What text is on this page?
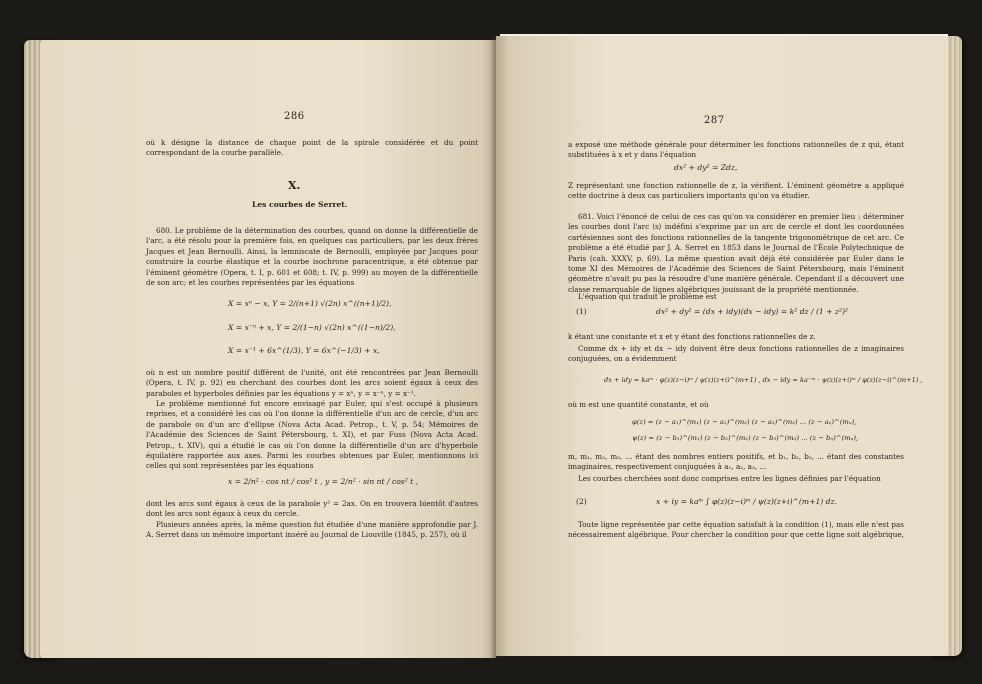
286

où k désigne la distance de chaque point de la spirale considérée et du point correspondant de la courbe parallèle.

X.
Les courbes de Serret.

680. Le problème de la détermination des courbes, quand on donne la différentielle de l'arc, a été résolu pour la première fois, en quelques cas particuliers, par les deux frères Jacques et Jean Bernoulli. Ainsi, la lemniscate de Bernoulli, employée par Jacques pour construire la courbe élastique et la courbe isochrone paracentrique, a été obtenue par l'éminent géomètre (Opera, t. I, p. 601 et 608; t. IV, p. 999) au moyen de la différentielle de son arc; et les courbes représentées par les équations

X = xⁿ − x, Y = 2/(n+1) √(2n) x^((n+1)/2),
X = x⁻ⁿ + x, Y = 2/(1−n) √(2n) x^((1−n)/2),
X = x⁻¹ + 6x^(1/3), Y = 6x^(−1/3) + x,

où n est un nombre positif différent de l'unité, ont été rencontrées par Jean Bernoulli (Opera, t. IV, p. 92) en cherchant des courbes dont les arcs soient égaux à ceux des paraboles et hyperboles définies par les équations y = xⁿ, y = x⁻ⁿ, y = x⁻¹.

Le problème mentionné fut encore envisagé par Euler, qui s'est occupé à plusieurs reprises, et a considéré les cas où l'on donne la différentielle d'un arc de cercle, d'un arc de parabole ou d'un arc d'ellipse (Nova Acta Acad. Petrop., t. V, p. 54; Mémoires de l'Académie des Sciences de Saint Pétersbourg, t. XI), et par Fuss (Nova Acta Acad. Petrop., t. XIV), qui a étudié le cas où l'on donne la différentielle d'un arc d'hyperbole équilatère rapportée aux axes. Parmi les courbes obtenues par Euler, mentionnons ici celles qui sont représentées par les équations

x = 2/n² · cos nt / cos² t , y = 2/n² · sin nt / cos² t ,

dont les arcs sont égaux à ceux de la parabole y² = 2ax. On en trouvera bientôt d'autres dont les arcs sont égaux à ceux du cercle.

Plusieurs années après, la même question fut étudiée d'une manière approfondie par J. A. Serret dans un mémoire important inséré au Journal de Liouville (1845, p. 257), où il

287

a exposé une méthode générale pour déterminer les fonctions rationnelles de z qui, étant substituées à x et y dans l'équation

dx² + dy² = Zdz,

Z représentant une fonction rationnelle de z, la vérifient. L'éminent géomètre a appliqué cette doctrine à deux cas particuliers importants qu'on va étudier.

681. Voici l'énoncé de celui de ces cas qu'on va considérer en premier lieu : déterminer les courbes dont l'arc ⟨s⟩ indéfini s'exprime par un arc de cercle et dont les coordonnées cartésiennes sont des fonctions rationnelles de la tangente trigonométrique de cet arc. Ce problème a été étudié par J. A. Serret en 1853 dans le Journal de l'École Polytechnique de Paris (cah. XXXV, p. 69). La même question avait déjà été considérée par Euler dans le tome XI des Mémoires de l'Académie des Sciences de Saint Pétersbourg, mais l'éminent géomètre n'avait pu pas la résoudre d'une manière générale. Cependant il a découvert une classe remarquable de lignes algébriques jouissant de la propriété mentionnée.

L'équation qui traduit le problème est

(1)	dx² + dy² = (dx + idy)(dx − idy) = k² dz / (1 + z²)²

k étant une constante et x et y étant des fonctions rationnelles de z.

Comme dx + idy et dx − idy doivent être deux fonctions rationnelles de z imaginaires conjuguées, on a évidemment

dx + idy = kaᵐ · φ(z)(z−i)ᵐ / ψ(z)(z+i)^(m+1) , dx − idy = ka⁻ᵐ · ψ(z)(z+i)ᵐ / φ(z)(z−i)^(m+1) ,

où m est une quantité constante, et où

φ(z) = (z − a₁)^(m₁) (z − a₂)^(m₂) (z − a₃)^(m₃) ... (z − aₙ)^(mₙ),
ψ(z) = (z − b₁)^(m₁) (z − b₂)^(m₂) (z − b₃)^(m₃) ... (z − bₙ)^(mₙ),

m, m₁, m₂, m₃, ... étant des nombres entiers positifs, et b₁, b₂, b₃, ... étant des constantes imaginaires, respectivement conjuguées à a₁, a₂, a₃, ...

Les courbes cherchées sont donc comprises entre les lignes définies par l'équation

(2)	x + iy = kaᵐ ∫ φ(z)(z−i)ᵐ / ψ(z)(z+i)^(m+1) dz.

Toute ligne représentée par cette équation satisfait à la condition (1), mais elle n'est pas nécessairement algébrique. Pour chercher la condition pour que cette ligne soit algébrique,
